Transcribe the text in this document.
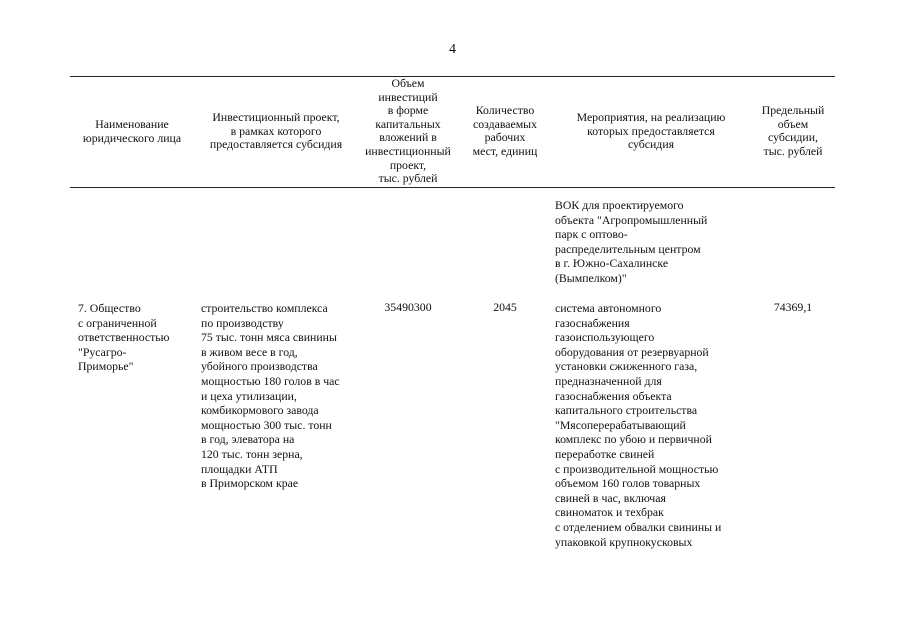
4
Наименование
юридического лица
Инвестиционный проект,
в рамках которого
предоставляется субсидия
Объем
инвестиций
в форме
капитальных
вложений в
инвестиционный
проект,
тыс. рублей
Количество
создаваемых
рабочих
мест, единиц
Мероприятия, на реализацию
которых предоставляется
субсидия
Предельный
объем
субсидии,
тыс. рублей
ВОК для проектируемого
объекта "Агропромышленный
парк с оптово-
распределительным центром
в г. Южно-Сахалинске
(Вымпелком)"
7. Общество
с ограниченной
ответственностью
"Русагро-
Приморье"
строительство комплекса
по производству
75 тыс. тонн мяса свинины
в живом весе в год,
убойного производства
мощностью 180 голов в час
и цеха утилизации,
комбикормового завода
мощностью 300 тыс. тонн
в год, элеватора на
120 тыс. тонн зерна,
площадки АТП
в Приморском крае
35490300	2045	система автономного
газоснабжения
газоиспользующего
оборудования от резервуарной
установки сжиженного газа,
предназначенной для
газоснабжения объекта
капитального строительства
"Мясоперерабатывающий
комплекс по убою и первичной
переработке свиней
с производительной мощностью
объемом 160 голов товарных
свиней в час, включая
свиноматок и техбрак
с отделением обвалки свинины и
упаковкой крупнокусковых
74369,1
